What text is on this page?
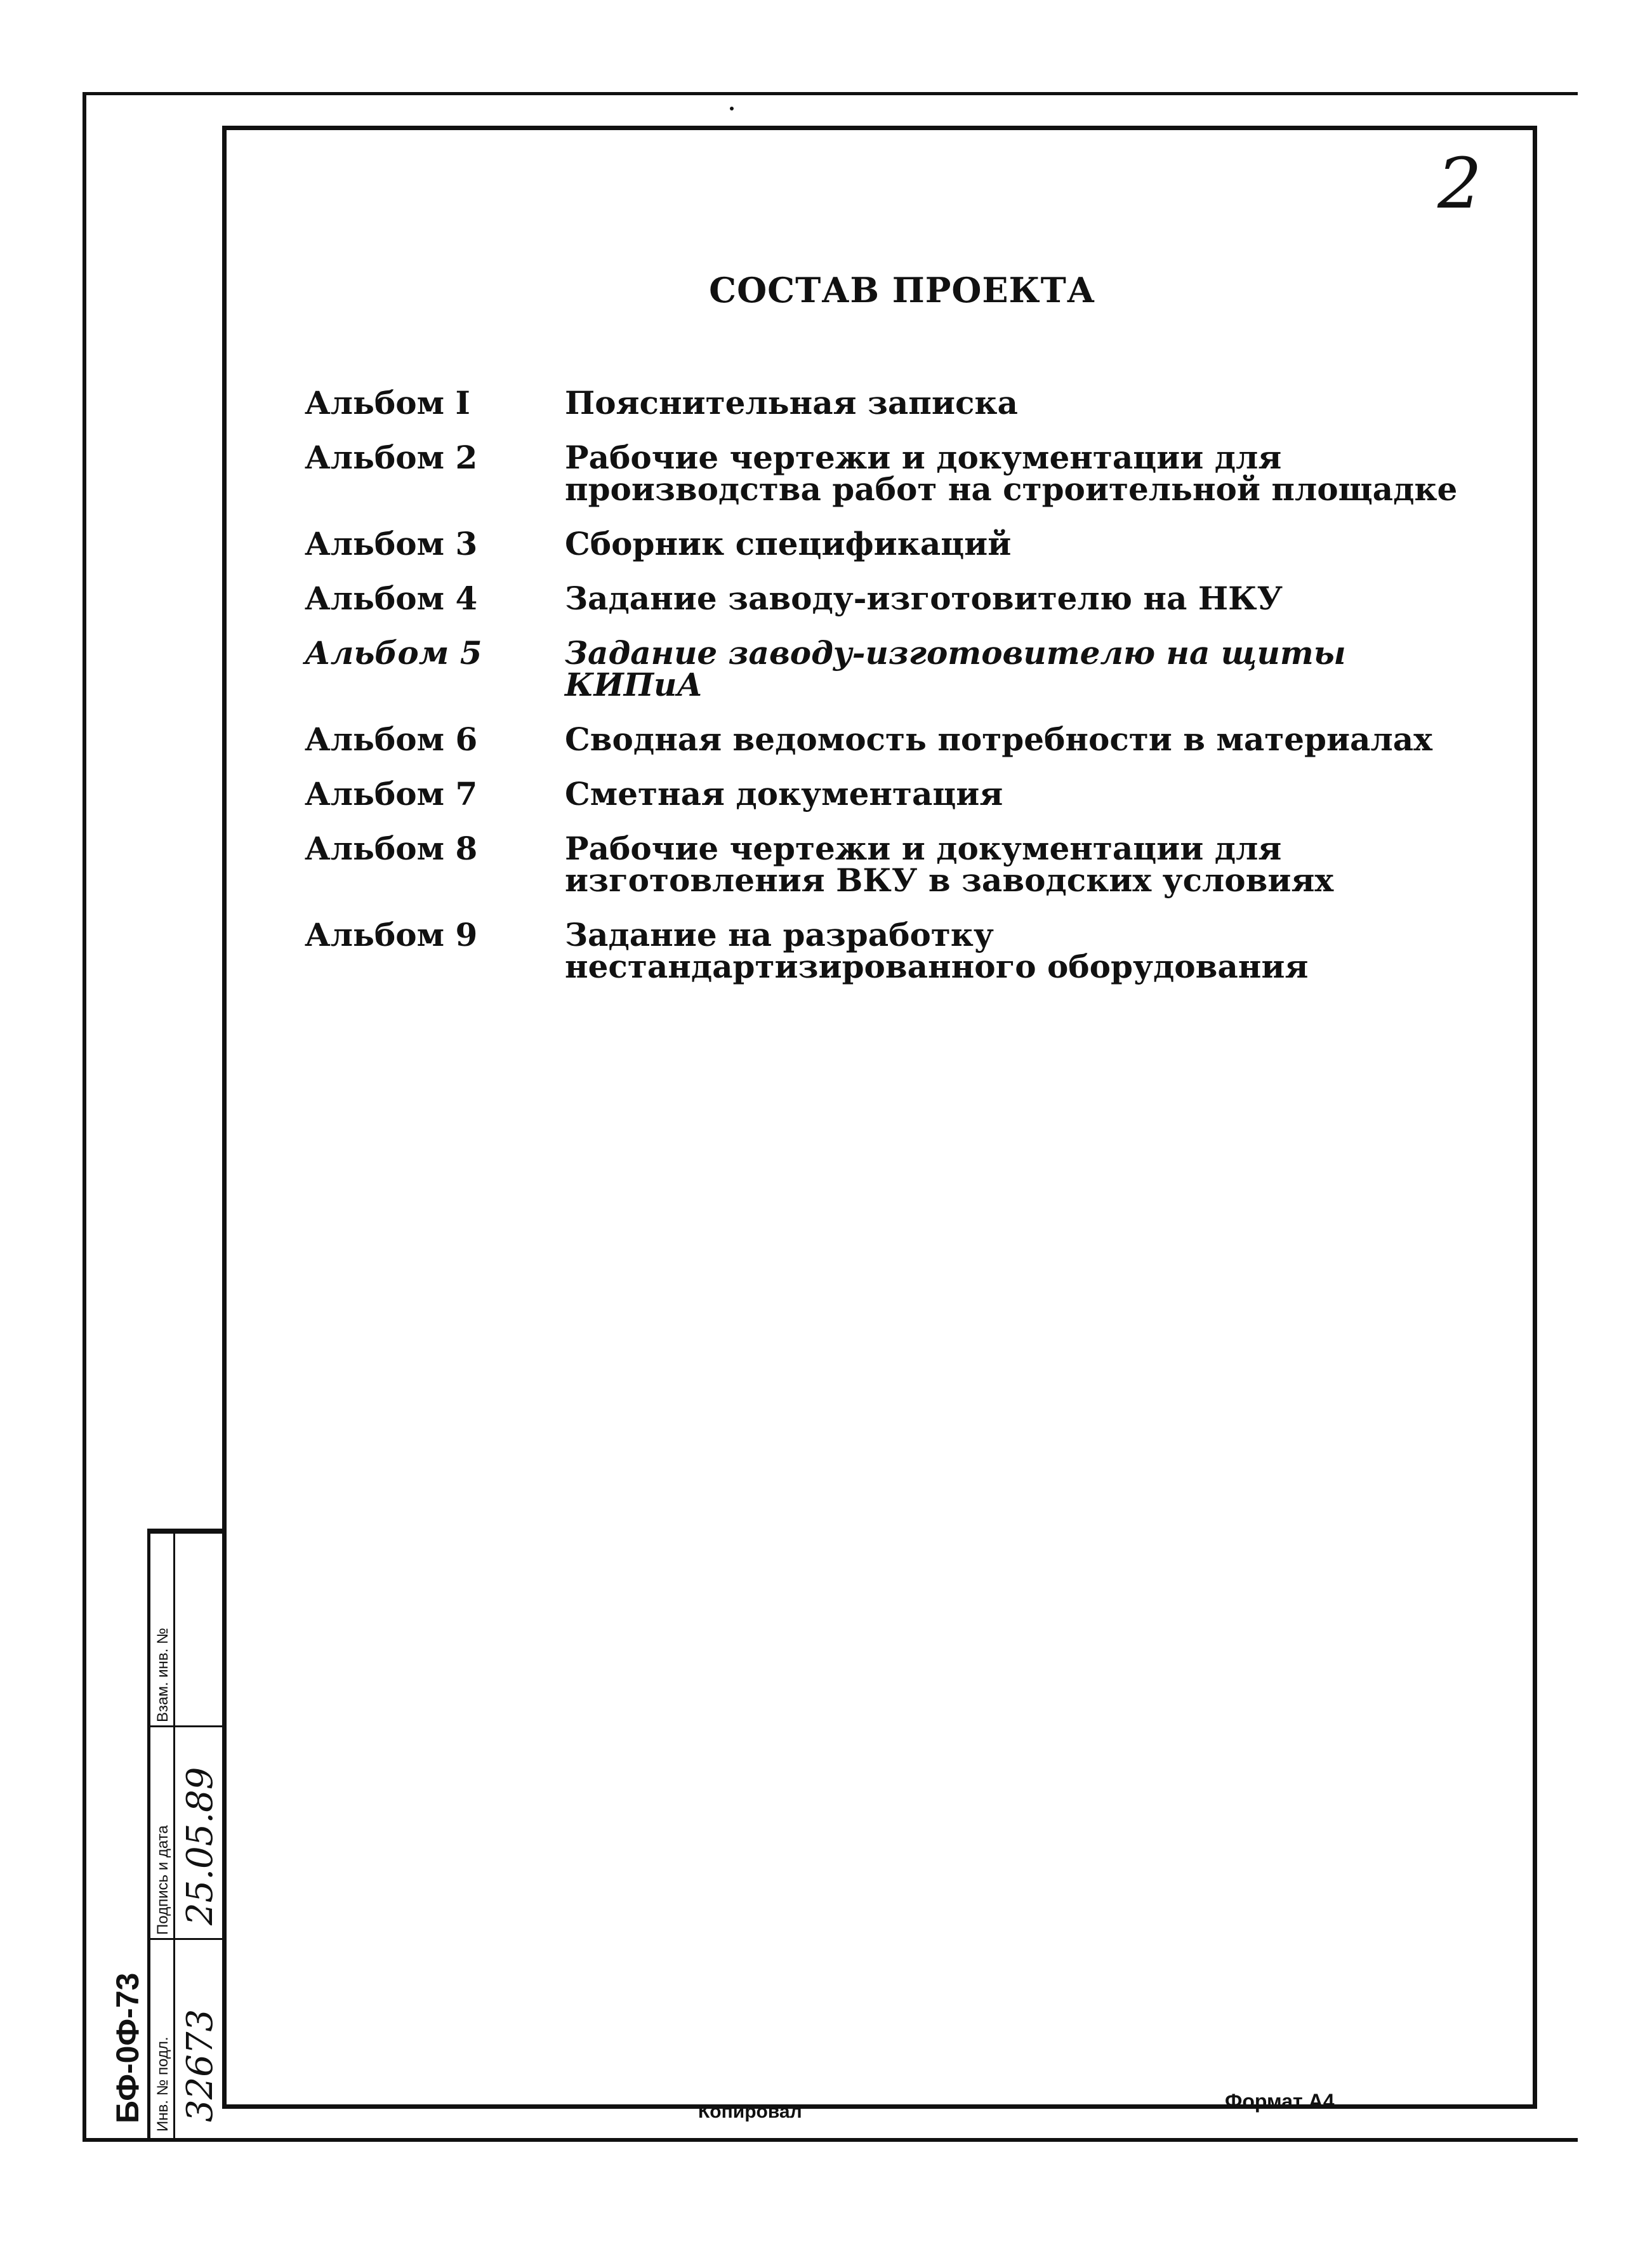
2
СОСТАВ ПРОЕКТА
Альбом I	Пояснительная записка
Альбом 2	Рабочие чертежи и документации для производства работ на строительной площадке
Альбом 3	Сборник спецификаций
Альбом 4	Задание заводу-изготовителю на НКУ
Альбом 5	Задание заводу-изготовителю на щиты КИПиА
Альбом 6	Сводная ведомость потребности в материалах
Альбом 7	Сметная документация
Альбом 8	Рабочие чертежи и документации для изготовления ВКУ в заводских условиях
Альбом 9	Задание на разработку нестандартизированного оборудования
Взам. инв. №
Подпись и дата
Инв. № подл.
25.05.89
32673
БФ-0Ф-73	Копировал	Формат А4
